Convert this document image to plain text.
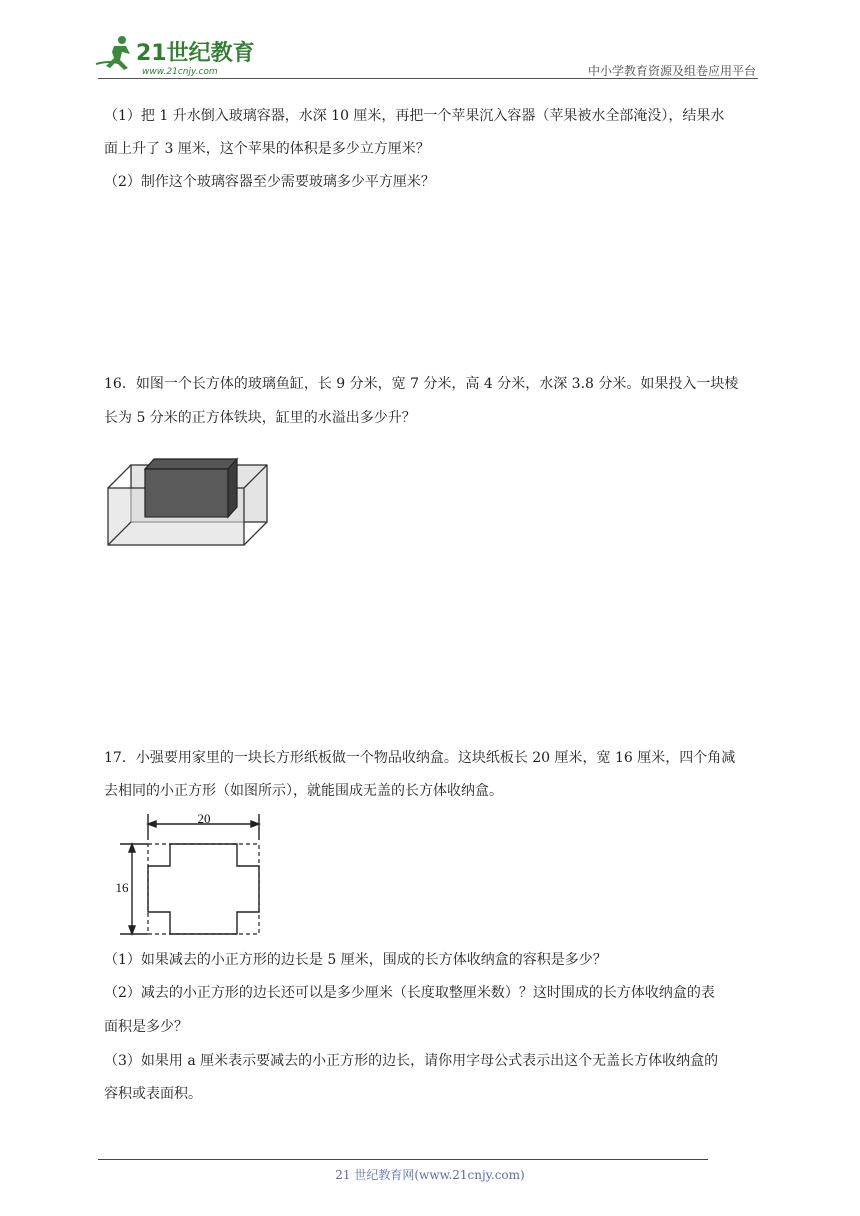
21世纪教育
www.21cnjy.com	中小学教育资源及组卷应用平台
（1）把 1 升水倒入玻璃容器，水深 10 厘米，再把一个苹果沉入容器（苹果被水全部淹没），结果水
面上升了 3 厘米，这个苹果的体积是多少立方厘米？
（2）制作这个玻璃容器至少需要玻璃多少平方厘米？
16．如图一个长方体的玻璃鱼缸，长 9 分米，宽 7 分米，高 4 分米，水深 3.8 分米。如果投入一块棱
长为 5 分米的正方体铁块，缸里的水溢出多少升？
17．小强要用家里的一块长方形纸板做一个物品收纳盒。这块纸板长 20 厘米，宽 16 厘米，四个角减
去相同的小正方形（如图所示），就能围成无盖的长方体收纳盒。
20
16
（1）如果减去的小正方形的边长是 5 厘米，围成的长方体收纳盒的容积是多少？
（2）减去的小正方形的边长还可以是多少厘米（长度取整厘米数）？这时围成的长方体收纳盒的表
面积是多少？
（3）如果用 a 厘米表示要减去的小正方形的边长，请你用字母公式表示出这个无盖长方体收纳盒的
容积或表面积。
21 世纪教育网(www.21cnjy.com)
